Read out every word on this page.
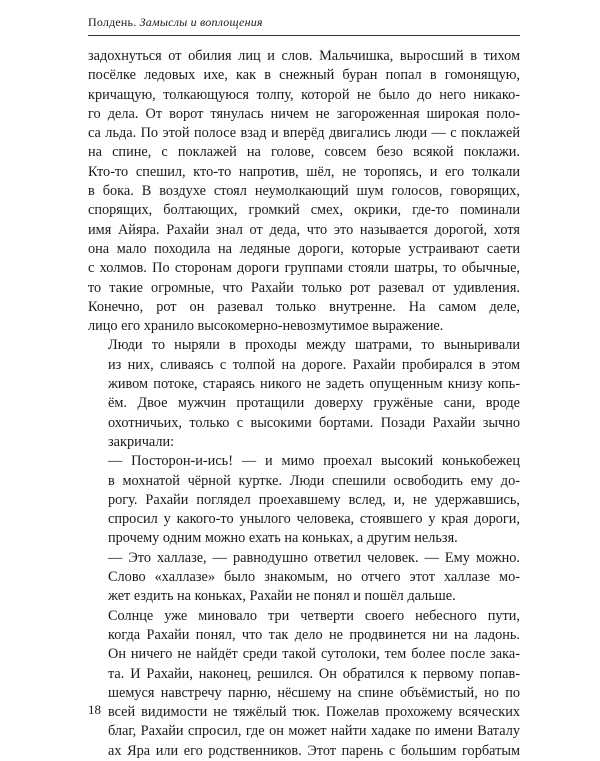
Полдень. Замыслы и воплощения

задохнуться от обилия лиц и слов. Мальчишка, выросший в тихом
посёлке ледовых ихе, как в снежный буран попал в гомонящую,
кричащую, толкающуюся толпу, которой не было до него никако-
го дела. От ворот тянулась ничем не загороженная широкая поло-
са льда. По этой полосе взад и вперёд двигались люди — с поклажей
на спине, с поклажей на голове, совсем безо всякой поклажи.
Кто-то спешил, кто-то напротив, шёл, не торопясь, и его толкали
в бока. В воздухе стоял неумолкающий шум голосов, говорящих,
спорящих, болтающих, громкий смех, окрики, где-то поминали
имя Айяра. Рахайи знал от деда, что это называется дорогой, хотя
она мало походила на ледяные дороги, которые устраивают саети
с холмов. По сторонам дороги группами стояли шатры, то обычные,
то такие огромные, что Рахайи только рот разевал от удивления.
Конечно, рот он разевал только внутренне. На самом деле,
лицо его хранило высокомерно-невозмутимое выражение.

Люди то ныряли в проходы между шатрами, то выныривали
из них, сливаясь с толпой на дороге. Рахайи пробирался в этом
живом потоке, стараясь никого не задеть опущенным книзу копь-
ём. Двое мужчин протащили доверху гружёные сани, вроде
охотничьих, только с высокими бортами. Позади Рахайи зычно
закричали:

— Посторон-и-ись! — и мимо проехал высокий конькобежец
в мохнатой чёрной куртке. Люди спешили освободить ему до-
рогу. Рахайи поглядел проехавшему вслед, и, не удержавшись,
спросил у какого-то унылого человека, стоявшего у края дороги,
прочему одним можно ехать на коньках, а другим нельзя.

— Это халлазе, — равнодушно ответил человек. — Ему можно.
Слово «халлазе» было знакомым, но отчего этот халлазе мо-
жет ездить на коньках, Рахайи не понял и пошёл дальше.

Солнце уже миновало три четверти своего небесного пути,
когда Рахайи понял, что так дело не продвинется ни на ладонь.
Он ничего не найдёт среди такой сутолоки, тем более после зака-
та. И Рахайи, наконец, решился. Он обратился к первому попав-
шемуся навстречу парню, нёсшему на спине объёмистый, но по
всей видимости не тяжёлый тюк. Пожелав прохожему всяческих
благ, Рахайи спросил, где он может найти хадаке по имени Ваталу
ах Яра или его родственников. Этот парень с большим горбатым

18
